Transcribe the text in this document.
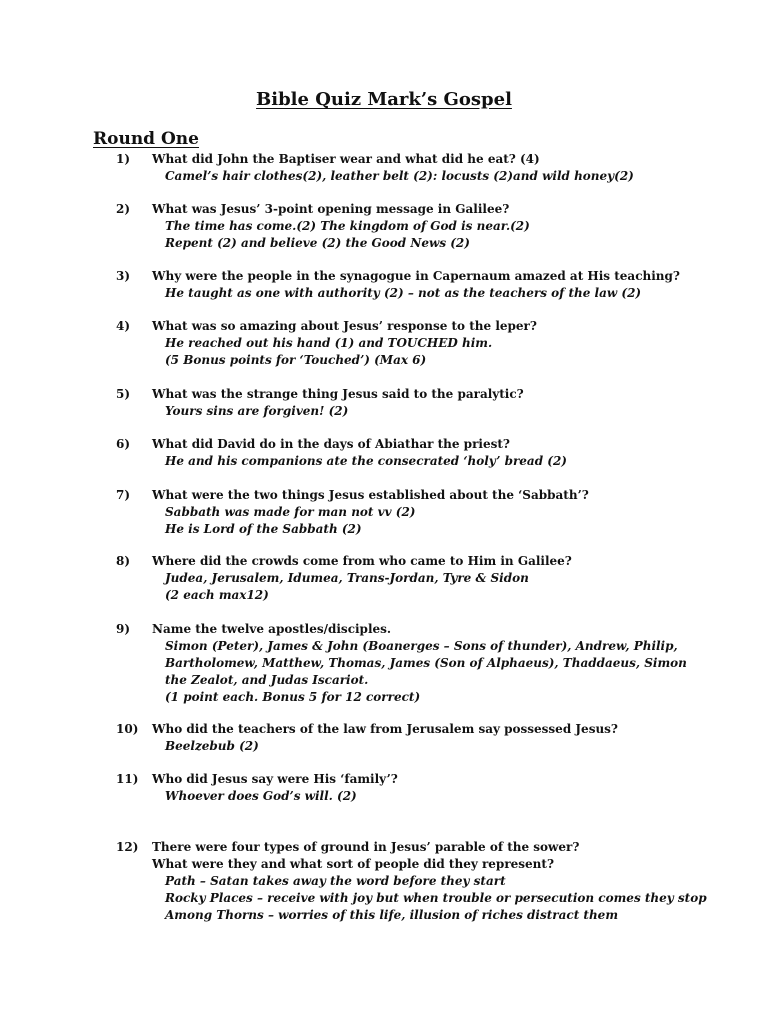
Bible Quiz Mark’s Gospel
Round One
1) What did John the Baptiser wear and what did he eat? (4)
Camel’s hair clothes(2), leather belt (2): locusts (2)and wild honey(2)
2) What was Jesus’ 3-point opening message in Galilee?
The time has come.(2) The kingdom of God is near.(2)
Repent (2) and believe (2) the Good News (2)
3) Why were the people in the synagogue in Capernaum amazed at His teaching?
He taught as one with authority (2) – not as the teachers of the law (2)
4) What was so amazing about Jesus’ response to the leper?
He reached out his hand (1) and TOUCHED him.
(5 Bonus points for ‘Touched’) (Max 6)
5) What was the strange thing Jesus said to the paralytic?
Yours sins are forgiven! (2)
6) What did David do in the days of Abiathar the priest?
He and his companions ate the consecrated ‘holy’ bread (2)
7) What were the two things Jesus established about the ‘Sabbath’?
Sabbath was made for man not vv (2)
He is Lord of the Sabbath (2)
8) Where did the crowds come from who came to Him in Galilee?
Judea, Jerusalem, Idumea, Trans-Jordan, Tyre & Sidon
(2 each max12)
9) Name the twelve apostles/disciples.
Simon (Peter), James & John (Boanerges – Sons of thunder), Andrew, Philip,
Bartholomew, Matthew, Thomas, James (Son of Alphaeus), Thaddaeus, Simon
the Zealot, and Judas Iscariot.
(1 point each. Bonus 5 for 12 correct)
10) Who did the teachers of the law from Jerusalem say possessed Jesus?
Beelzebub (2)
11) Who did Jesus say were His ‘family’?
Whoever does God’s will. (2)
12) There were four types of ground in Jesus’ parable of the sower?
What were they and what sort of people did they represent?
Path – Satan takes away the word before they start
Rocky Places – receive with joy but when trouble or persecution comes they stop
Among Thorns – worries of this life, illusion of riches distract them
